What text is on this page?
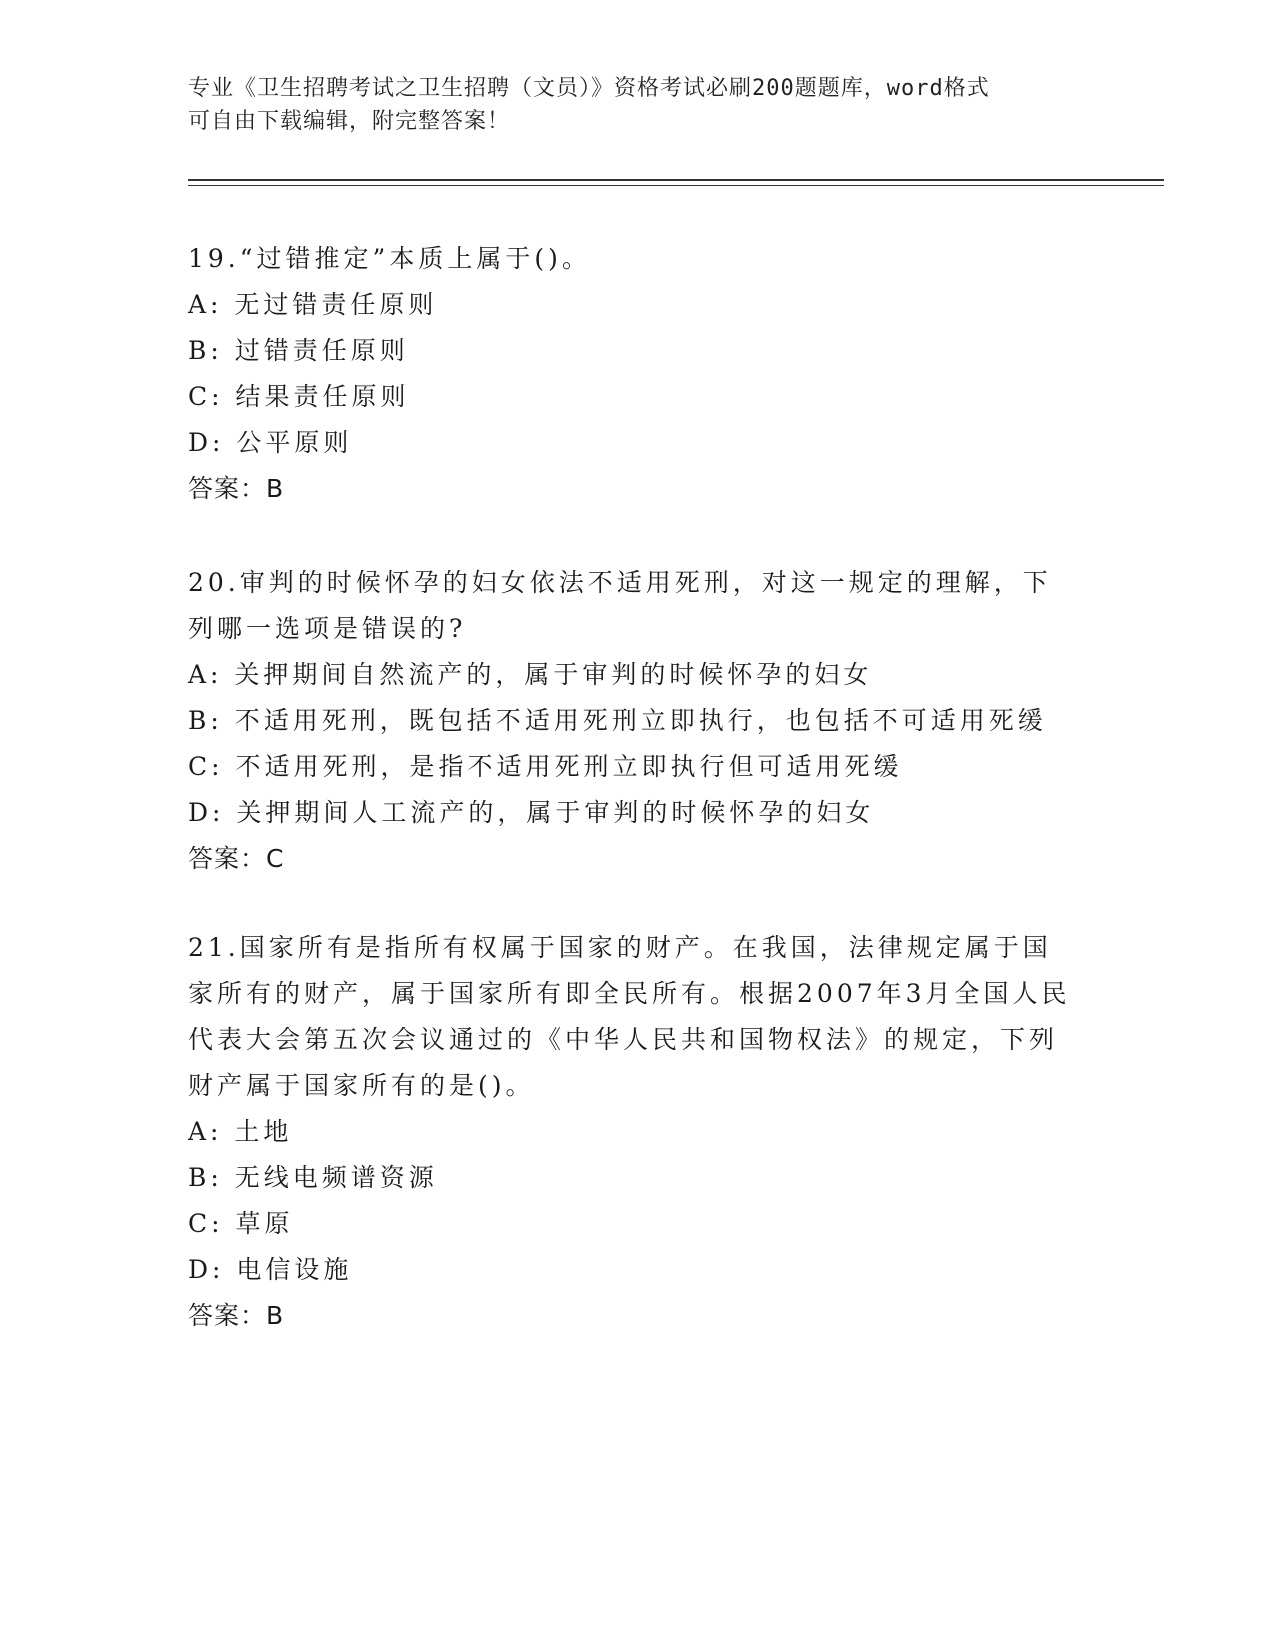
专业《卫生招聘考试之卫生招聘（文员）》资格考试必刷200题题库，word格式
可自由下载编辑，附完整答案！
19.“过错推定”本质上属于()。
A: 无过错责任原则
B: 过错责任原则
C: 结果责任原则
D: 公平原则
答案：B
20.审判的时候怀孕的妇女依法不适用死刑，对这一规定的理解，下列哪一选项是错误的?
A: 关押期间自然流产的，属于审判的时候怀孕的妇女
B: 不适用死刑，既包括不适用死刑立即执行，也包括不可适用死缓
C: 不适用死刑，是指不适用死刑立即执行但可适用死缓
D: 关押期间人工流产的，属于审判的时候怀孕的妇女
答案：C
21.国家所有是指所有权属于国家的财产。在我国，法律规定属于国家所有的财产，属于国家所有即全民所有。根据2007年3月全国人民代表大会第五次会议通过的《中华人民共和国物权法》的规定，下列财产属于国家所有的是()。
A: 土地
B: 无线电频谱资源
C: 草原
D: 电信设施
答案：B
